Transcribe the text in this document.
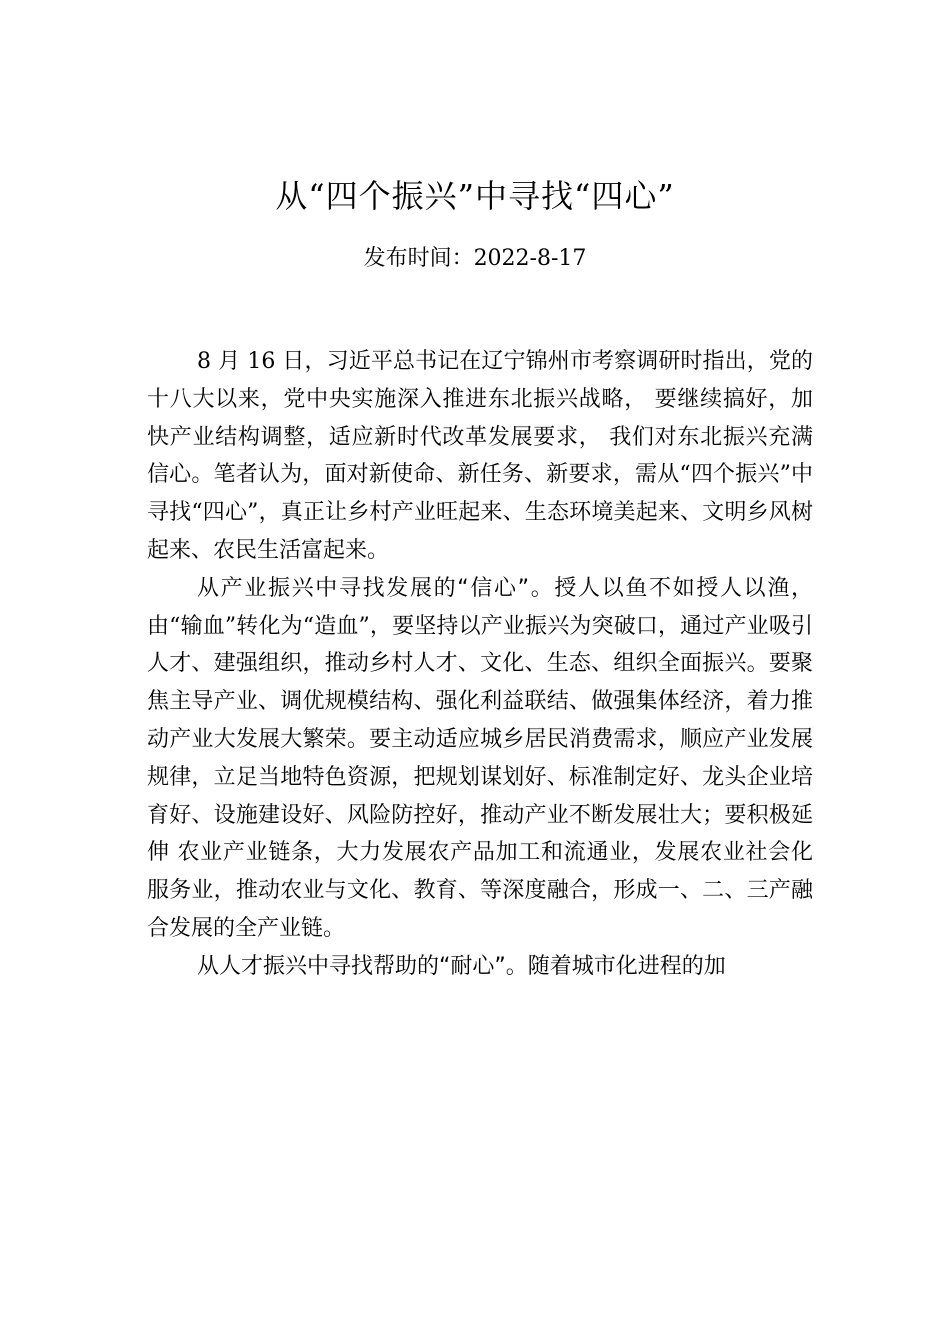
从“四个振兴”中寻找“四心”
发布时间：2022-8-17

8 月 16 日，习近平总书记在辽宁锦州市考察调研时指出，党的十八大以来，党中央实施深入推进东北振兴战略， 要继续搞好，加快产业结构调整，适应新时代改革发展要求， 我们对东北振兴充满信心。笔者认为，面对新使命、新任务、新要求，需从“四个振兴”中寻找“四心”，真正让乡村产业旺起来、生态环境美起来、文明乡风树起来、农民生活富起来。

从产业振兴中寻找发展的“信心”。授人以鱼不如授人以渔，由“输血”转化为“造血”，要坚持以产业振兴为突破口，通过产业吸引人才、建强组织，推动乡村人才、文化、生态、组织全面振兴。要聚焦主导产业、调优规模结构、强化利益联结、做强集体经济，着力推动产业大发展大繁荣。要主动适应城乡居民消费需求，顺应产业发展规律，立足当地特色资源，把规划谋划好、标准制定好、龙头企业培育好、设施建设好、风险防控好，推动产业不断发展壮大；要积极延伸 农业产业链条，大力发展农产品加工和流通业，发展农业社会化服务业，推动农业与文化、教育、等深度融合，形成一、二、三产融合发展的全产业链。

从人才振兴中寻找帮助的“耐心”。随着城市化进程的加
